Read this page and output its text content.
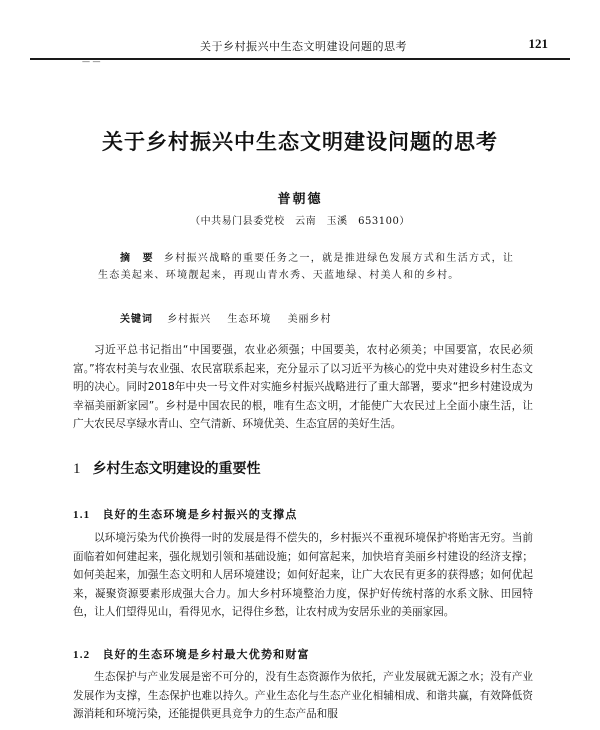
关于乡村振兴中生态文明建设问题的思考	121
— —
关于乡村振兴中生态文明建设问题的思考
普朝德
（中共易门县委党校　云南　玉溪　653100）
摘　要 乡村振兴战略的重要任务之一，就是推进绿色发展方式和生活方式，让生态美起来、环境靓起来，再现山青水秀、天蓝地绿、村美人和的乡村。
关键词 乡村振兴 生态环境 美丽乡村

习近平总书记指出“中国要强，农业必须强；中国要美，农村必须美；中国要富，农民必须富。”将农村美与农业强、农民富联系起来，充分显示了以习近平为核心的党中央对建设乡村生态文明的决心。同时2018年中央一号文件对实施乡村振兴战略进行了重大部署，要求“把乡村建设成为幸福美丽新家园”。乡村是中国农民的根，唯有生态文明，才能使广大农民过上全面小康生活，让广大农民尽享绿水青山、空气清新、环境优美、生态宜居的美好生活。

1 乡村生态文明建设的重要性
1.1 良好的生态环境是乡村振兴的支撑点

以环境污染为代价换得一时的发展是得不偿失的，乡村振兴不重视环境保护将贻害无穷。当前面临着如何建起来，强化规划引领和基础设施；如何富起来，加快培育美丽乡村建设的经济支撑；如何美起来，加强生态文明和人居环境建设；如何好起来，让广大农民有更多的获得感；如何优起来，凝聚资源要素形成强大合力。加大乡村环境整治力度，保护好传统村落的水系文脉、田园特色，让人们望得见山，看得见水，记得住乡愁，让农村成为安居乐业的美丽家园。

1.2 良好的生态环境是乡村最大优势和财富

生态保护与产业发展是密不可分的，没有生态资源作为依托，产业发展就无源之水；没有产业发展作为支撑，生态保护也难以持久。产业生态化与生态产业化相辅相成、和谐共赢，有效降低资源消耗和环境污染，还能提供更具竞争力的生态产品和服
